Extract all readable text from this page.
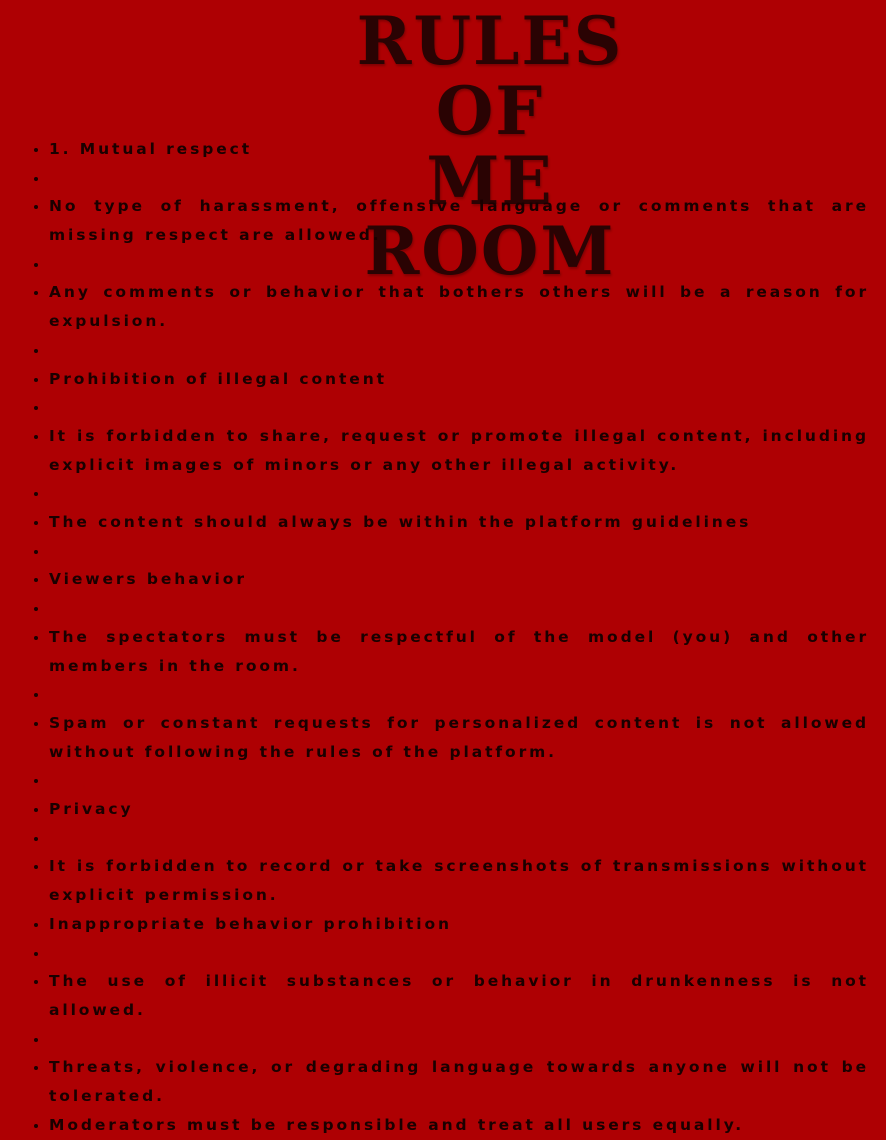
RULES OF
ME ROOM
• 1. Mutual respect
•
• No type of harassment, offensive language or comments that are missing respect are allowed.
•
• Any comments or behavior that bothers others will be a reason for expulsion.
•
• Prohibition of illegal content
•
• It is forbidden to share, request or promote illegal content, including explicit images of minors or any other illegal activity.
•
• The content should always be within the platform guidelines
•
• Viewers behavior
•
• The spectators must be respectful of the model (you) and other members in the room.
•
• Spam or constant requests for personalized content is not allowed without following the rules of the platform.
•
• Privacy
•
• It is forbidden to record or take screenshots of transmissions without explicit permission.
• Inappropriate behavior prohibition
•
• The use of illicit substances or behavior in drunkenness is not allowed.
•
• Threats, violence, or degrading language towards anyone will not be tolerated.
• Moderators must be responsible and treat all users equally.
